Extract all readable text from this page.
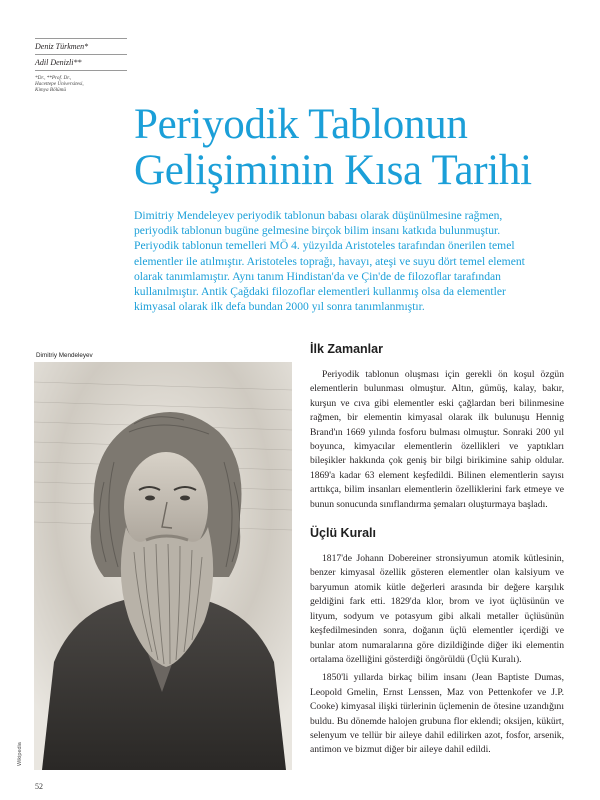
Deniz Türkmen*
Adil Denizli**
*Dr., **Prof. Dr.,
Hacettepe Üniversitesi,
Kimya Bölümü
Periyodik Tablonun
Gelişiminin Kısa Tarihi
Dimitriy Mendeleyev periyodik tablonun babası olarak düşünülmesine rağmen, periyodik tablonun bugüne gelmesine birçok bilim insanı katkıda bulunmuştur. Periyodik tablonun temelleri MÖ 4. yüzyılda Aristoteles tarafından önerilen temel elementler ile atılmıştır. Aristoteles toprağı, havayı, ateşi ve suyu dört temel element olarak tanımlamıştır. Aynı tanım Hindistan'da ve Çin'de de filozoflar tarafından kullanılmıştır. Antik Çağdaki filozoflar elementleri kullanmış olsa da elementler kimyasal olarak ilk defa bundan 2000 yıl sonra tanımlanmıştır.
Dimitriy Mendeleyev
Wikipedia
İlk Zamanlar

Periyodik tablonun oluşması için gerekli ön koşul özgün elementlerin bulunması olmuştur. Altın, gümüş, kalay, bakır, kurşun ve cıva gibi elementler eski çağlardan beri bilinmesine rağmen, bir elementin kimyasal olarak ilk bulunuşu Hennig Brand'ın 1669 yılında fosforu bulması olmuştur. Sonraki 200 yıl boyunca, kimyacılar elementlerin özellikleri ve yaptıkları bileşikler hakkında çok geniş bir bilgi birikimine sahip oldular. 1869'a kadar 63 element keşfedildi. Bilinen elementlerin sayısı arttıkça, bilim insanları elementlerin özelliklerini fark etmeye ve bunun sonucunda sınıflandırma şemaları oluşturmaya başladı.

Üçlü Kuralı

1817'de Johann Dobereiner stronsiyumun atomik kütlesinin, benzer kimyasal özellik gösteren elementler olan kalsiyum ve baryumun atomik kütle değerleri arasında bir değere karşılık geldiğini fark etti. 1829'da klor, brom ve iyot üçlüsünün ve lityum, sodyum ve potasyum gibi alkali metaller üçlüsünün keşfedilmesinden sonra, doğanın üçlü elementler içerdiği ve bunlar atom numaralarına göre dizildiğinde diğer iki elementin ortalama özelliğini gösterdiği öngörüldü (Üçlü Kuralı).

1850'li yıllarda birkaç bilim insanı (Jean Baptiste Dumas, Leopold Gmelin, Ernst Lenssen, Maz von Pettenkofer ve J.P. Cooke) kimyasal ilişki türlerinin üçlemenin de ötesine uzandığını buldu. Bu dönemde halojen grubuna flor eklendi; oksijen, kükürt, selenyum ve tellür bir aileye dahil edilirken azot, fosfor, arsenik, antimon ve bizmut diğer bir aileye dahil edildi.

52
